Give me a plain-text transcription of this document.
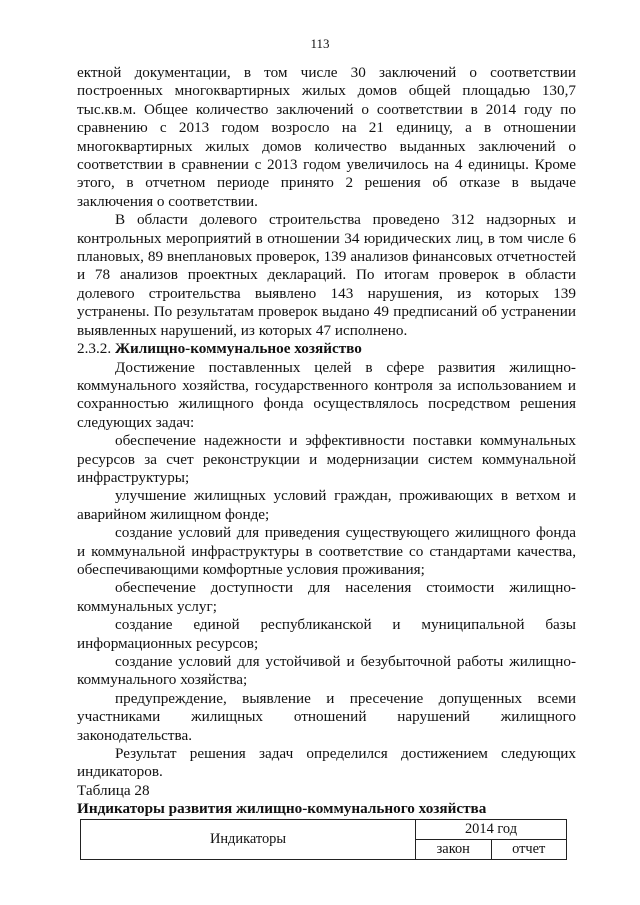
113

ектной документации, в том числе 30 заключений о соответствии построенных многоквартирных жилых домов общей площадью 130,7 тыс.кв.м. Общее количество заключений о соответствии в 2014 году по сравнению с 2013 годом возросло на 21 единицу, а в отношении многоквартирных жилых домов количество выданных заключений о соответствии в сравнении с 2013 годом увеличилось на 4 единицы. Кроме этого, в отчетном периоде принято 2 решения об отказе в выдаче заключения о соответствии.

В области долевого строительства проведено 312 надзорных и контрольных мероприятий в отношении 34 юридических лиц, в том числе 6 плановых, 89 внеплановых проверок, 139 анализов финансовых отчетностей и 78 анализов проектных деклараций. По итогам проверок в области долевого строительства выявлено 143 нарушения, из которых 139 устранены. По результатам проверок выдано 49 предписаний об устранении выявленных нарушений, из которых 47 исполнено.

2.3.2. Жилищно-коммунальное хозяйство

Достижение поставленных целей в сфере развития жилищно-коммунального хозяйства, государственного контроля за использованием и сохранностью жилищного фонда осуществлялось посредством решения следующих задач:

обеспечение надежности и эффективности поставки коммунальных ресурсов за счет реконструкции и модернизации систем коммунальной инфраструктуры;

улучшение жилищных условий граждан, проживающих в ветхом и аварийном жилищном фонде;

создание условий для приведения существующего жилищного фонда и коммунальной инфраструктуры в соответствие со стандартами качества, обеспечивающими комфортные условия проживания;

обеспечение доступности для населения стоимости жилищно-коммунальных услуг;

создание единой республиканской и муниципальной базы информационных ресурсов;

создание условий для устойчивой и безубыточной работы жилищно-коммунального хозяйства;

предупреждение, выявление и пресечение допущенных всеми участниками жилищных отношений нарушений жилищного законодательства.

Результат решения задач определился достижением следующих индикаторов.

Таблица 28

Индикаторы развития жилищно-коммунального хозяйства

Индикаторы	2014 год	
	закон	отчет
